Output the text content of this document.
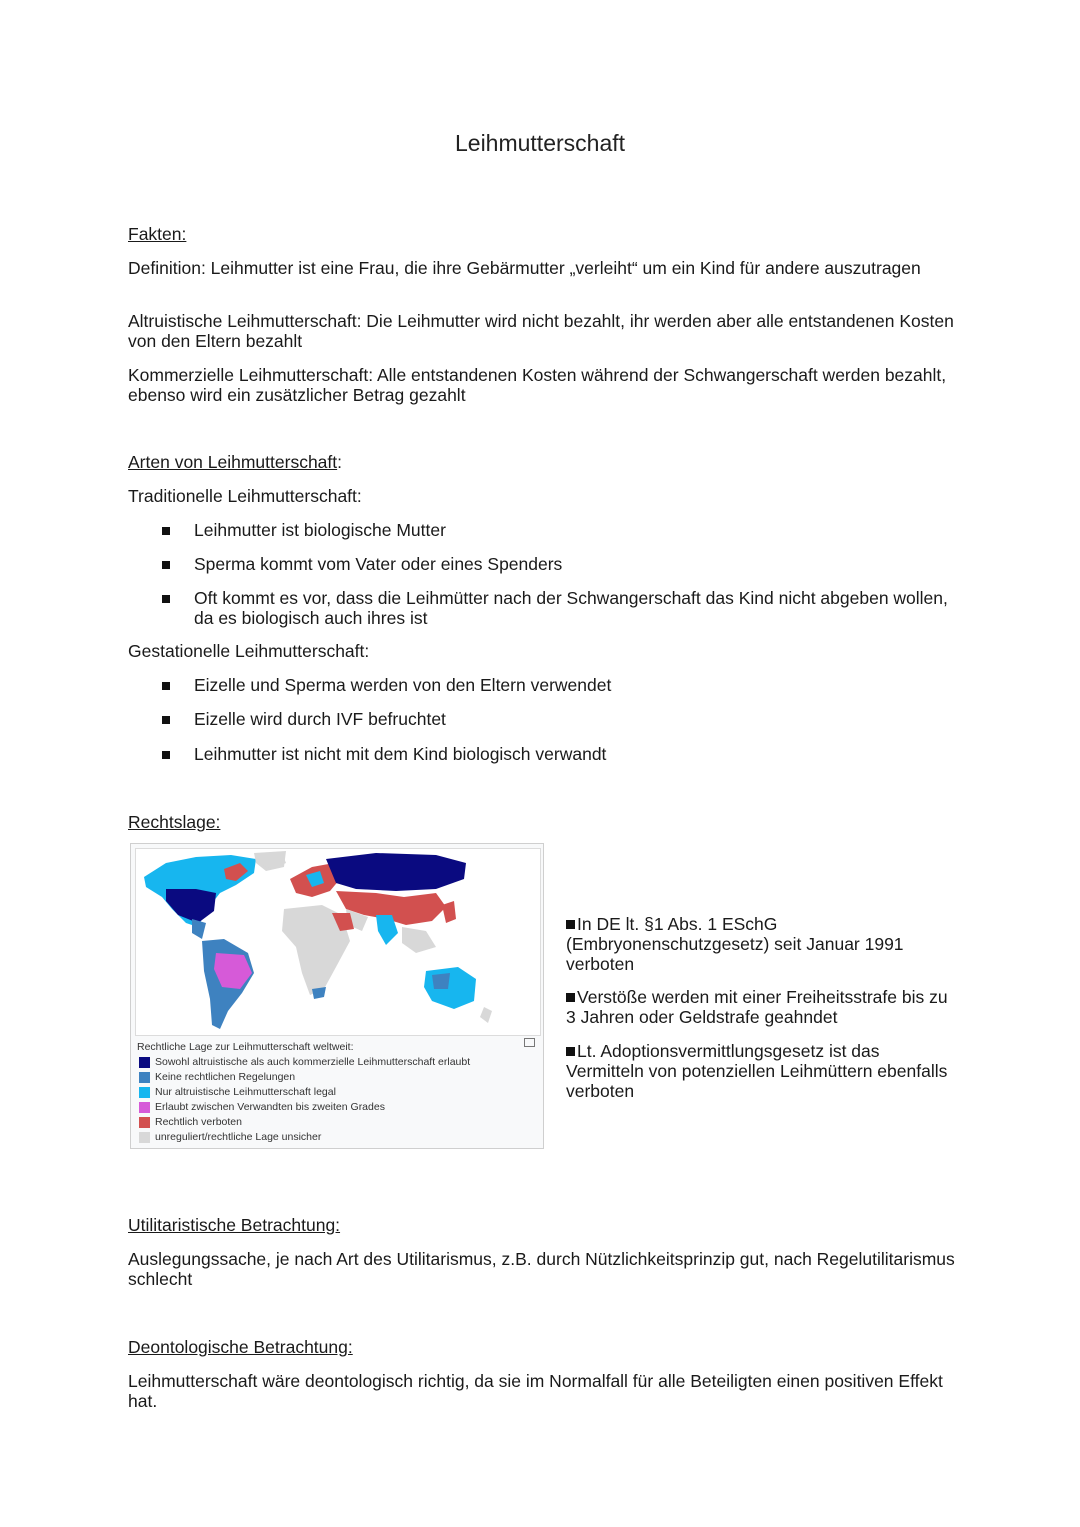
Leihmutterschaft
Fakten:
Definition: Leihmutter ist eine Frau, die ihre Gebärmutter „verleiht“ um ein Kind für andere auszutragen
Altruistische Leihmutterschaft: Die Leihmutter wird nicht bezahlt, ihr werden aber alle entstandenen Kosten von den Eltern bezahlt
Kommerzielle Leihmutterschaft: Alle entstandenen Kosten während der Schwangerschaft werden bezahlt, ebenso wird ein zusätzlicher Betrag gezahlt
Arten von Leihmutterschaft:
Traditionelle Leihmutterschaft:
Leihmutter ist biologische Mutter
Sperma kommt vom Vater oder eines Spenders
Oft kommt es vor, dass die Leihmütter nach der Schwangerschaft das Kind nicht abgeben wollen, da es biologisch auch ihres ist
Gestationelle Leihmutterschaft:
Eizelle und Sperma werden von den Eltern verwendet
Eizelle wird durch IVF befruchtet
Leihmutter ist nicht mit dem Kind biologisch verwandt
Rechtslage:
Rechtliche Lage zur Leihmutterschaft weltweit:
Sowohl altruistische als auch kommerzielle Leihmutterschaft erlaubt
Keine rechtlichen Regelungen
Nur altruistische Leihmutterschaft legal
Erlaubt zwischen Verwandten bis zweiten Grades
Rechtlich verboten
unreguliert/rechtliche Lage unsicher
In DE lt. §1 Abs. 1 ESchG (Embryonenschutzgesetz) seit Januar 1991 verboten
Verstöße werden mit einer Freiheitsstrafe bis zu 3 Jahren oder Geldstrafe geahndet
Lt. Adoptionsvermittlungsgesetz ist das Vermitteln von potenziellen Leihmüttern ebenfalls verboten
Utilitaristische Betrachtung:
Auslegungssache, je nach Art des Utilitarismus, z.B. durch Nützlichkeitsprinzip gut, nach Regelutilitarismus schlecht
Deontologische Betrachtung:
Leihmutterschaft wäre deontologisch richtig, da sie im Normalfall für alle Beteiligten einen positiven Effekt hat.
